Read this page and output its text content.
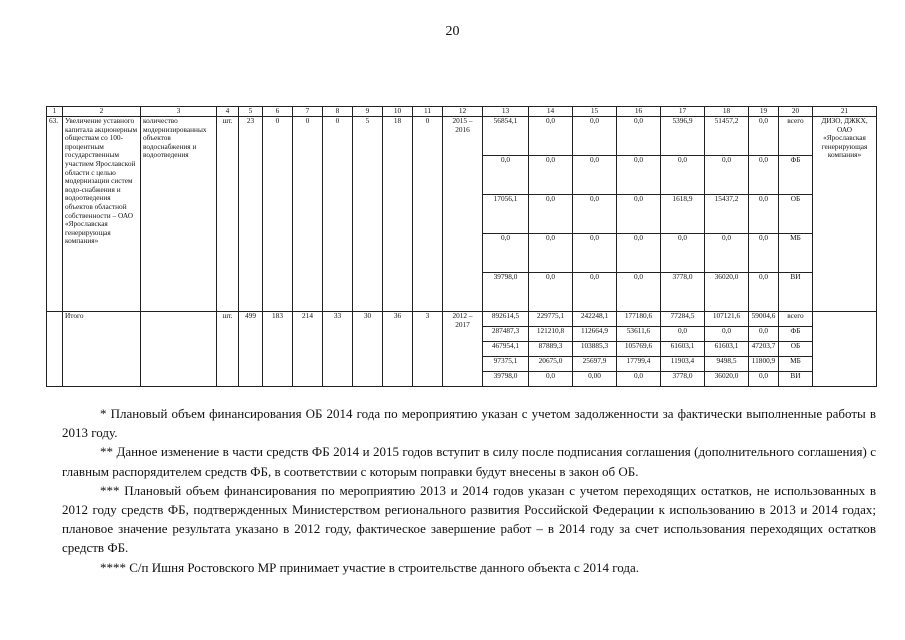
20
1	2	3	4	5	6	7	8	9	10	11	12	13	14	15	16	17	18	19	20	21
63.	Увеличение уставного капитала акционерным обществам со 100-процентным государственным участием Ярославской области с целью модернизации систем водо-снабжения и водоотведения объектов областной собственности – ОАО «Ярославская генерирующая компания»	количество модернизированных объектов водоснабжения и водоотведения	шт.	23	0	0	0	5	18	0	2015 – 2016	56854,1	0,0	0,0	0,0	5396,9	51457,2	0,0	всего	ДИЗО, ДЖКХ, ОАО «Ярославская генерирующая компания»
												0,0	0,0	0,0	0,0	0,0	0,0	0,0	ФБ	
												17056,1	0,0	0,0	0,0	1618,9	15437,2	0,0	ОБ	
												0,0	0,0	0,0	0,0	0,0	0,0	0,0	МБ	
												39798,0	0,0	0,0	0,0	3778,0	36020,0	0,0	ВИ	
	Итого		шт.	499	183	214	33	30	36	3	2012 – 2017	892614,5	229775,1	242248,1	177180,6	77284,5	107121,6	59004,6	всего	
												287487,3	121210,8	112664,9	53611,6	0,0	0,0	0,0	ФБ	
												467954,1	87889,3	103885,3	105769,6	61603,1	61603,1	47203,7	ОБ	
												97375,1	20675,0	25697,9	17799,4	11903,4	9498,5	11800,9	МБ	
												39798,0	0,0	0,00	0,0	3778,0	36020,0	0,0	ВИ	

* Плановый объем финансирования ОБ 2014 года по мероприятию указан с учетом задолженности за фактически выполненные работы в 2013 году.

** Данное изменение в части средств ФБ 2014 и 2015 годов вступит в силу после подписания соглашения (дополнительного соглашения) с главным распорядителем средств ФБ, в соответствии с которым поправки будут внесены в закон об ОБ.

*** Плановый объем финансирования по мероприятию 2013 и 2014 годов указан с учетом переходящих остатков, не использованных в 2012 году средств ФБ, подтвержденных Министерством регионального развития Российской Федерации к использованию в 2013 и 2014 годах; плановое значение результата указано в 2012 году, фактическое завершение работ – в 2014 году за счет использования переходящих остатков средств ФБ.

**** С/п Ишня Ростовского МР принимает участие в строительстве данного объекта с 2014 года.
